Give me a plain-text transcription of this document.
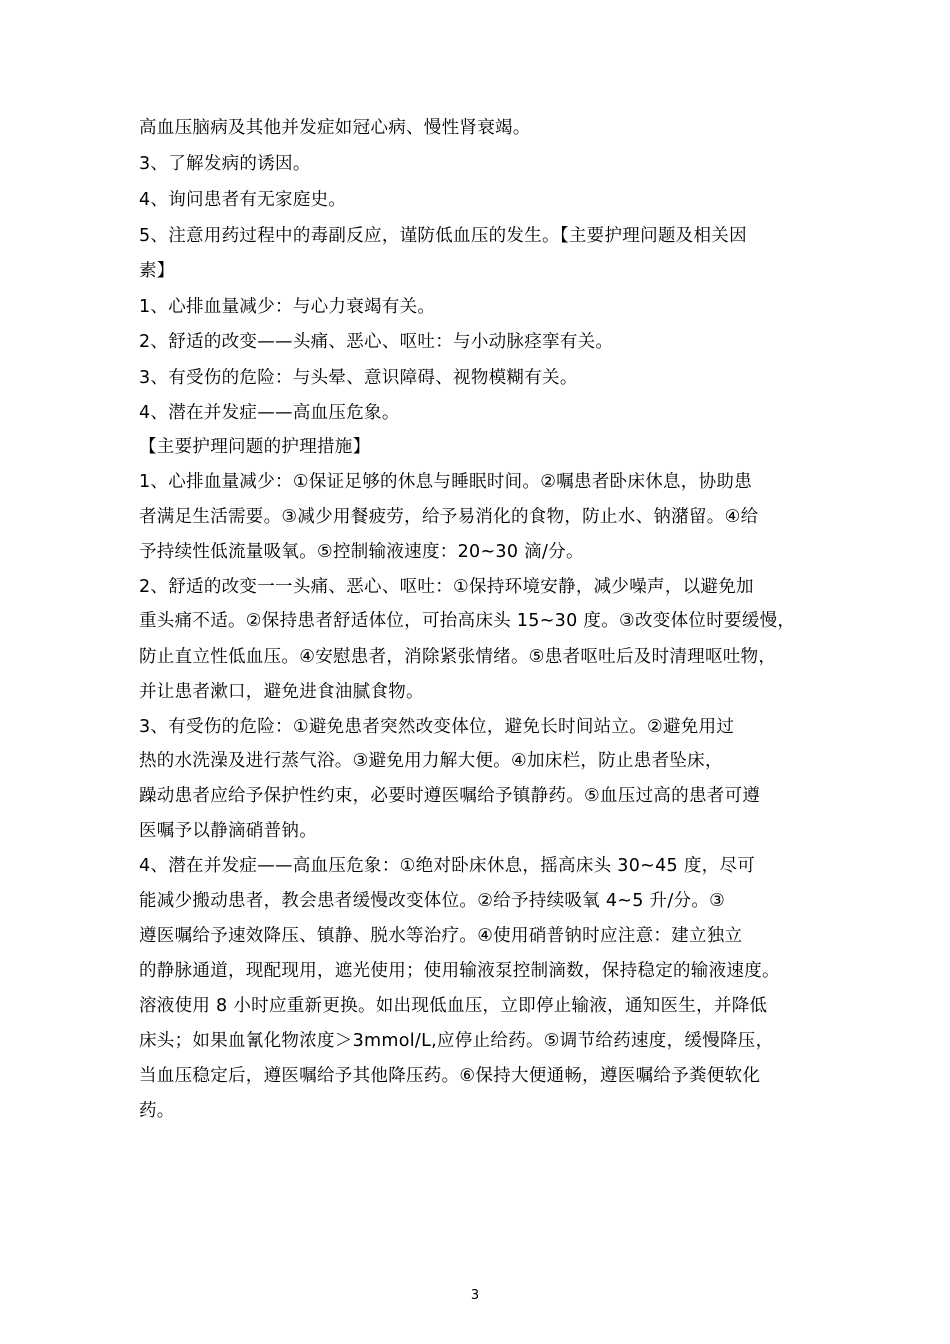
高血压脑病及其他并发症如冠心病、慢性肾衰竭。
3、了解发病的诱因。
4、询问患者有无家庭史。
5、注意用药过程中的毒副反应，谨防低血压的发生。【主要护理问题及相关因
素】
1、心排血量减少：与心力衰竭有关。
2、舒适的改变——头痛、恶心、呕吐：与小动脉痉挛有关。
3、有受伤的危险：与头晕、意识障碍、视物模糊有关。
4、潜在并发症——高血压危象。
【主要护理问题的护理措施】
1、心排血量减少：①保证足够的休息与睡眠时间。②嘱患者卧床休息，协助患
者满足生活需要。③减少用餐疲劳，给予易消化的食物，防止水、钠潴留。④给
予持续性低流量吸氧。⑤控制输液速度：20~30 滴/分。
2、舒适的改变一一头痛、恶心、呕吐：①保持环境安静，减少噪声，以避免加
重头痛不适。②保持患者舒适体位，可抬高床头 15~30 度。③改变体位时要缓慢，
防止直立性低血压。④安慰患者，消除紧张情绪。⑤患者呕吐后及时清理呕吐物，
并让患者漱口，避免进食油腻食物。
3、有受伤的危险：①避免患者突然改变体位，避免长时间站立。②避免用过
热的水洗澡及进行蒸气浴。③避免用力解大便。④加床栏，防止患者坠床，
躁动患者应给予保护性约束，必要时遵医嘱给予镇静药。⑤血压过高的患者可遵
医嘱予以静滴硝普钠。
4、潜在并发症——高血压危象：①绝对卧床休息，摇高床头 30~45 度，尽可
能减少搬动患者，教会患者缓慢改变体位。②给予持续吸氧 4~5 升/分。③
遵医嘱给予速效降压、镇静、脱水等治疗。④使用硝普钠时应注意：建立独立
的静脉通道，现配现用，遮光使用；使用输液泵控制滴数，保持稳定的输液速度。
溶液使用 8 小时应重新更换。如出现低血压，立即停止输液，通知医生，并降低
床头；如果血氰化物浓度＞3mmol/L,应停止给药。⑤调节给药速度，缓慢降压，
当血压稳定后，遵医嘱给予其他降压药。⑥保持大便通畅，遵医嘱给予粪便软化
药。
3
